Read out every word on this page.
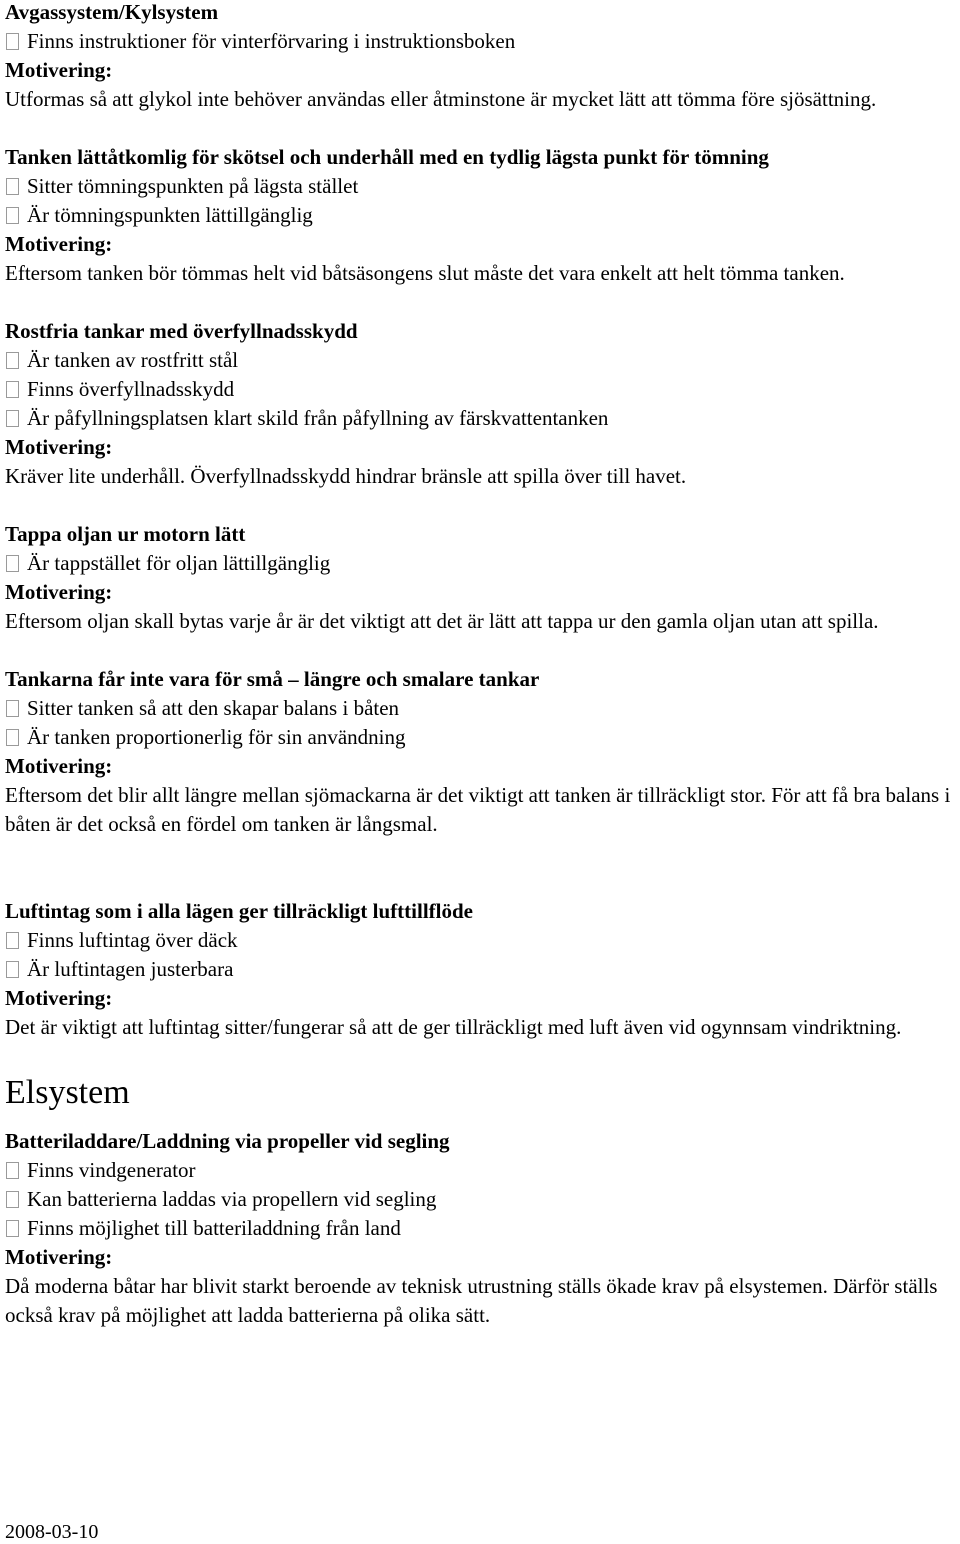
Avgassystem/Kylsystem

Finns instruktioner för vinterförvaring i instruktionsboken
Motivering:

Utformas så att glykol inte behöver användas eller åtminstone är mycket lätt att tömma före sjösättning.

Tanken lättåtkomlig för skötsel och underhåll med en tydlig lägsta punkt för tömning

Sitter tömningspunkten på lägsta stället
Är tömningspunkten lättillgänglig
Motivering:

Eftersom tanken bör tömmas helt vid båtsäsongens slut måste det vara enkelt att helt tömma tanken.

Rostfria tankar med överfyllnadsskydd

Är tanken av rostfritt stål
Finns överfyllnadsskydd
Är påfyllningsplatsen klart skild från påfyllning av färskvattentanken
Motivering:

Kräver lite underhåll. Överfyllnadsskydd hindrar bränsle att spilla över till havet.

Tappa oljan ur motorn lätt

Är tappstället för oljan lättillgänglig
Motivering:

Eftersom oljan skall bytas varje år är det viktigt att det är lätt att tappa ur den gamla oljan utan att spilla.

Tankarna får inte vara för små – längre och smalare tankar

Sitter tanken så att den skapar balans i båten
Är tanken proportionerlig för sin användning
Motivering:

Eftersom det blir allt längre mellan sjömackarna är det viktigt att tanken är tillräckligt stor. För att få bra balans i båten är det också en fördel om tanken är långsmal.

Luftintag som i alla lägen ger tillräckligt lufttillflöde

Finns luftintag över däck
Är luftintagen justerbara
Motivering:

Det är viktigt att luftintag sitter/fungerar så att de ger tillräckligt med luft även vid ogynnsam vindriktning.

Elsystem

Batteriladdare/Laddning via propeller vid segling

Finns vindgenerator
Kan batterierna laddas via propellern vid segling
Finns möjlighet till batteriladdning från land
Motivering:

Då moderna båtar har blivit starkt beroende av teknisk utrustning ställs ökade krav på elsystemen. Därför ställs också krav på möjlighet att ladda batterierna på olika sätt.

2008-03-10
